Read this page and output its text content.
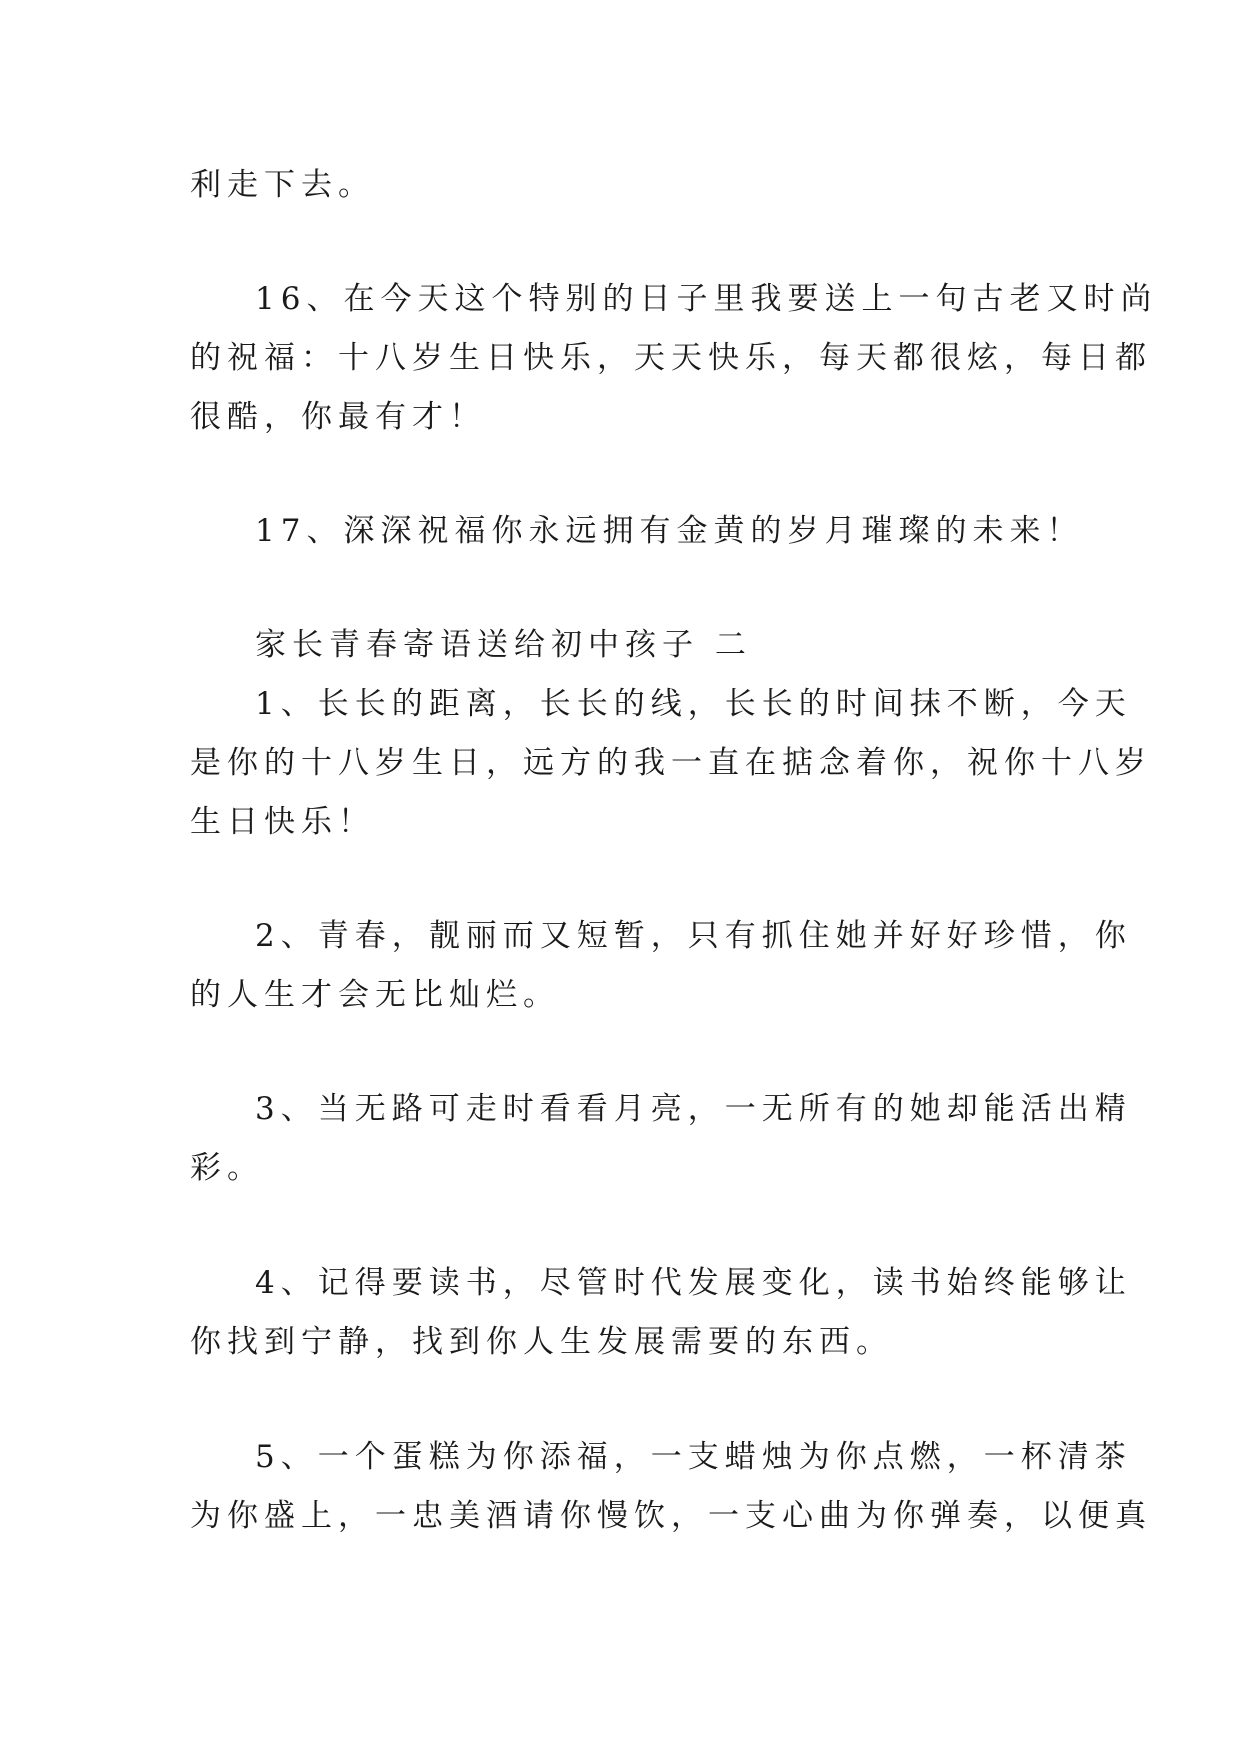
利走下去。
16、在今天这个特别的日子里我要送上一句古老又时尚
的祝福：十八岁生日快乐，天天快乐，每天都很炫，每日都
很酷，你最有才！
17、深深祝福你永远拥有金黄的岁月璀璨的未来！
家长青春寄语送给初中孩子 二
1、长长的距离，长长的线，长长的时间抹不断，今天
是你的十八岁生日，远方的我一直在掂念着你，祝你十八岁
生日快乐！
2、青春，靓丽而又短暂，只有抓住她并好好珍惜，你
的人生才会无比灿烂。
3、当无路可走时看看月亮，一无所有的她却能活出精
彩。
4、记得要读书，尽管时代发展变化，读书始终能够让
你找到宁静，找到你人生发展需要的东西。
5、一个蛋糕为你添福，一支蜡烛为你点燃，一杯清茶
为你盛上，一忠美酒请你慢饮，一支心曲为你弹奏，以便真
